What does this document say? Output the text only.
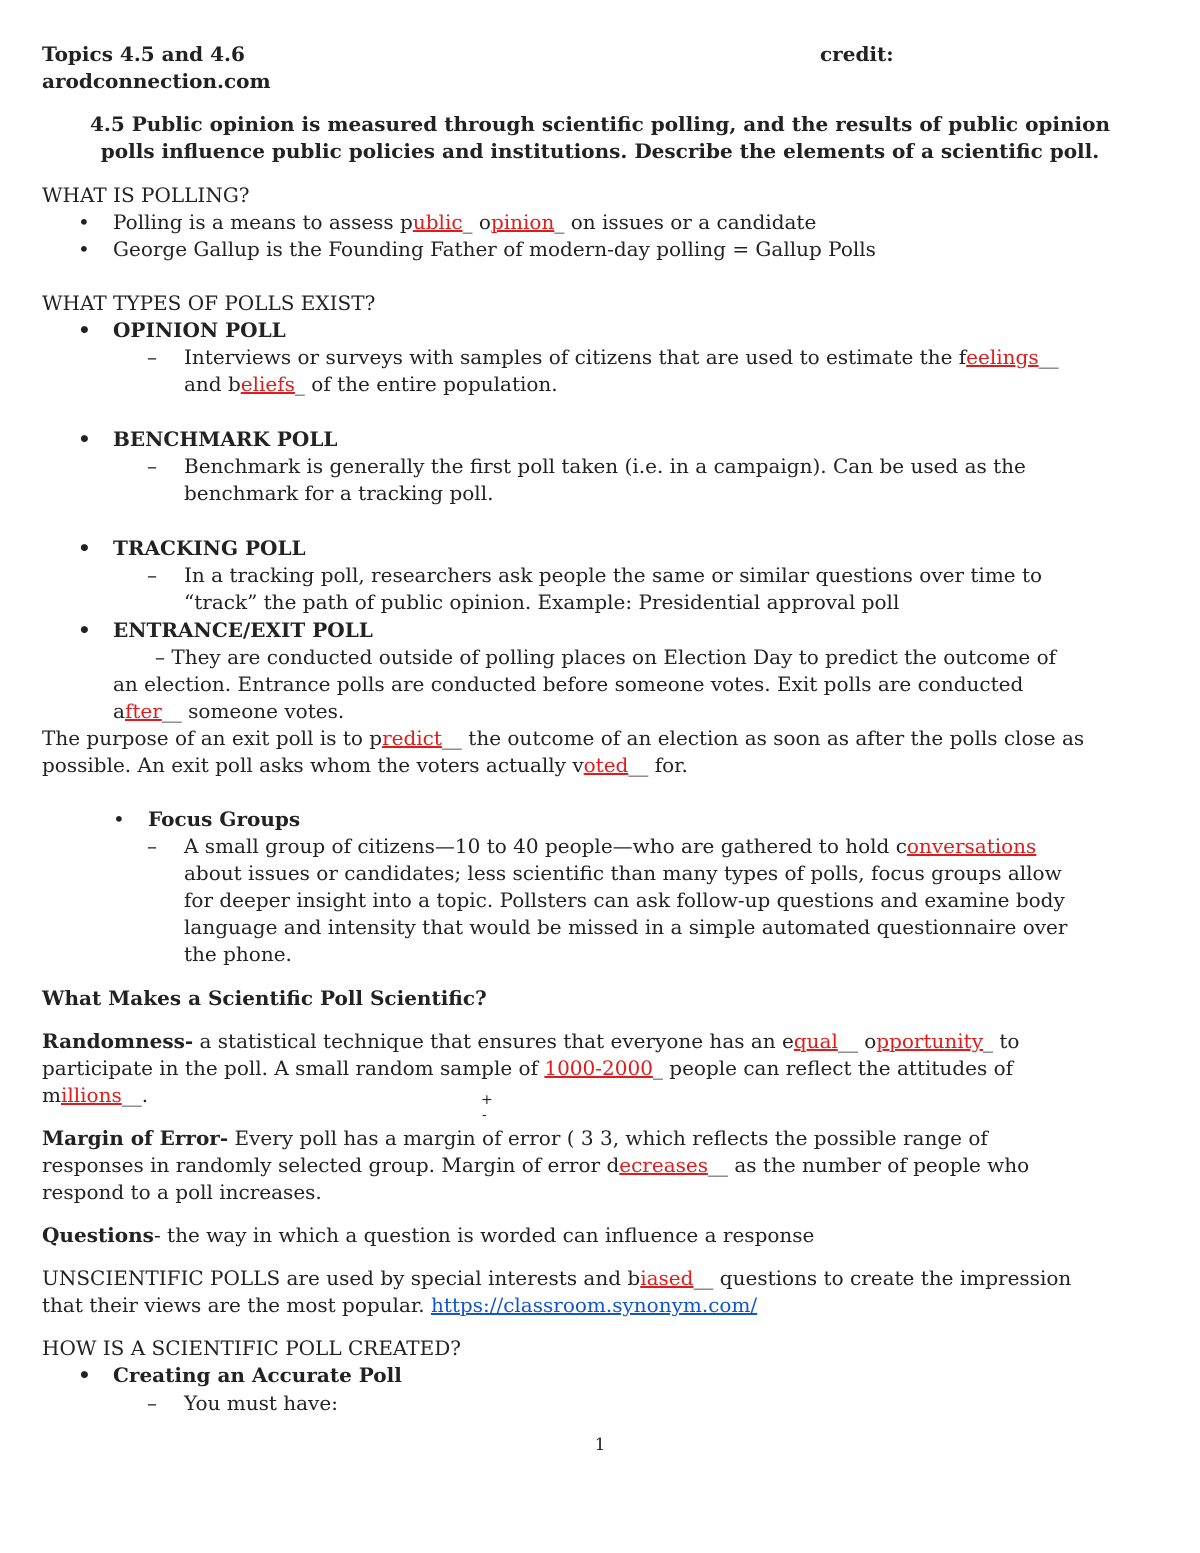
Topics 4.5 and 4.6	credit:
arodconnection.com
4.5 Public opinion is measured through scientific polling, and the results of public opinion
polls influence public policies and institutions. Describe the elements of a scientific poll.
WHAT IS POLLING?
• Polling is a means to assess public_ opinion_ on issues or a candidate
• George Gallup is the Founding Father of modern-day polling = Gallup Polls
WHAT TYPES OF POLLS EXIST?
• OPINION POLL
– Interviews or surveys with samples of citizens that are used to estimate the feelings__
and beliefs_ of the entire population.
• BENCHMARK POLL
– Benchmark is generally the first poll taken (i.e. in a campaign). Can be used as the
benchmark for a tracking poll.
• TRACKING POLL
– In a tracking poll, researchers ask people the same or similar questions over time to
“track” the path of public opinion. Example: Presidential approval poll
• ENTRANCE/EXIT POLL
– They are conducted outside of polling places on Election Day to predict the outcome of
an election. Entrance polls are conducted before someone votes. Exit polls are conducted
after__ someone votes.
The purpose of an exit poll is to predict__ the outcome of an election as soon as after the polls close as
possible. An exit poll asks whom the voters actually voted__ for.
• Focus Groups
– A small group of citizens—10 to 40 people—who are gathered to hold conversations
about issues or candidates; less scientific than many types of polls, focus groups allow
for deeper insight into a topic. Pollsters can ask follow-up questions and examine body
language and intensity that would be missed in a simple automated questionnaire over
the phone.
What Makes a Scientific Poll Scientific?
Randomness- a statistical technique that ensures that everyone has an equal__ opportunity_ to
participate in the poll. A small random sample of 1000-2000_ people can reflect the attitudes of
millions__.	+
-
Margin of Error- Every poll has a margin of error ( 3 3, which reflects the possible range of
responses in randomly selected group. Margin of error decreases__ as the number of people who
respond to a poll increases.
Questions- the way in which a question is worded can influence a response
UNSCIENTIFIC POLLS are used by special interests and biased__ questions to create the impression
that their views are the most popular. https://classroom.synonym.com/
HOW IS A SCIENTIFIC POLL CREATED?
• Creating an Accurate Poll
– You must have:
1
